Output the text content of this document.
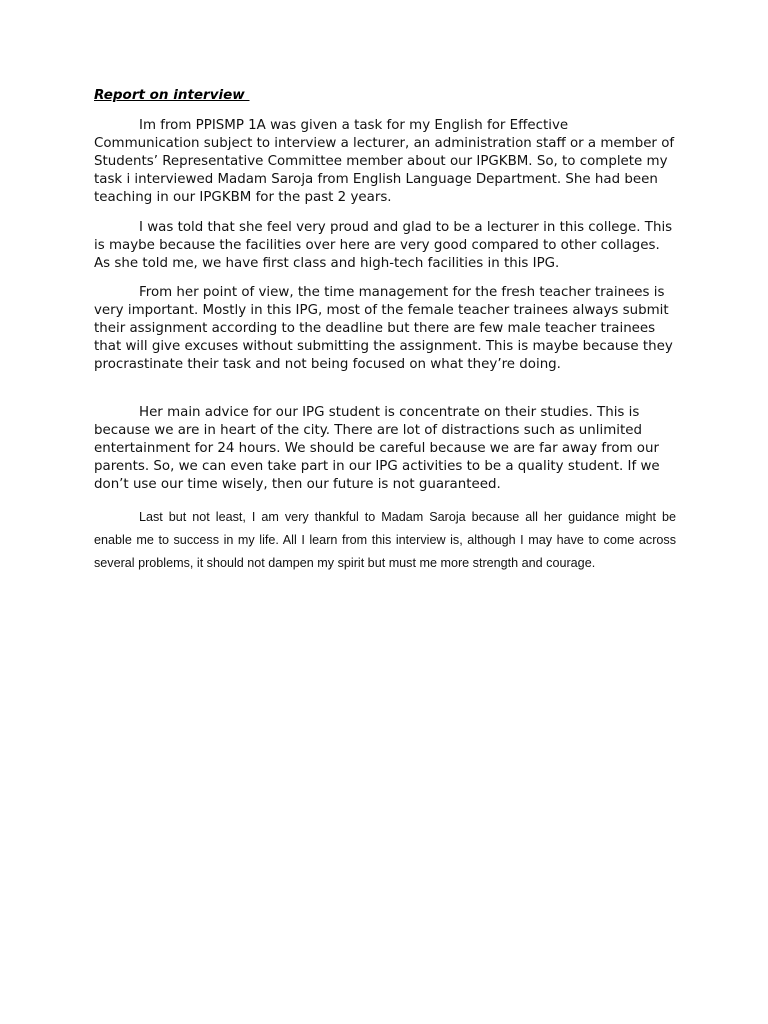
Report on interview

Im from PPISMP 1A was given a task for my English for Effective Communication subject to interview a lecturer, an administration staff or a member of Students’ Representative Committee member about our IPGKBM. So, to complete my task i interviewed Madam Saroja from English Language Department. She had been teaching in our IPGKBM for the past 2 years.

I was told that she feel very proud and glad to be a lecturer in this college. This is maybe because the facilities over here are very good compared to other collages. As she told me, we have first class and high-tech facilities in this IPG.

From her point of view, the time management for the fresh teacher trainees is very important. Mostly in this IPG, most of the female teacher trainees always submit their assignment according to the deadline but there are few male teacher trainees that will give excuses without submitting the assignment. This is maybe because they procrastinate their task and not being focused on what they’re doing.

Her main advice for our IPG student is concentrate on their studies. This is because we are in heart of the city. There are lot of distractions such as unlimited entertainment for 24 hours. We should be careful because we are far away from our parents. So, we can even take part in our IPG activities to be a quality student. If we don’t use our time wisely, then our future is not guaranteed.

Last but not least, I am very thankful to Madam Saroja because all her guidance might be enable me to success in my life. All I learn from this interview is, although I may have to come across several problems, it should not dampen my spirit but must me more strength and courage.
